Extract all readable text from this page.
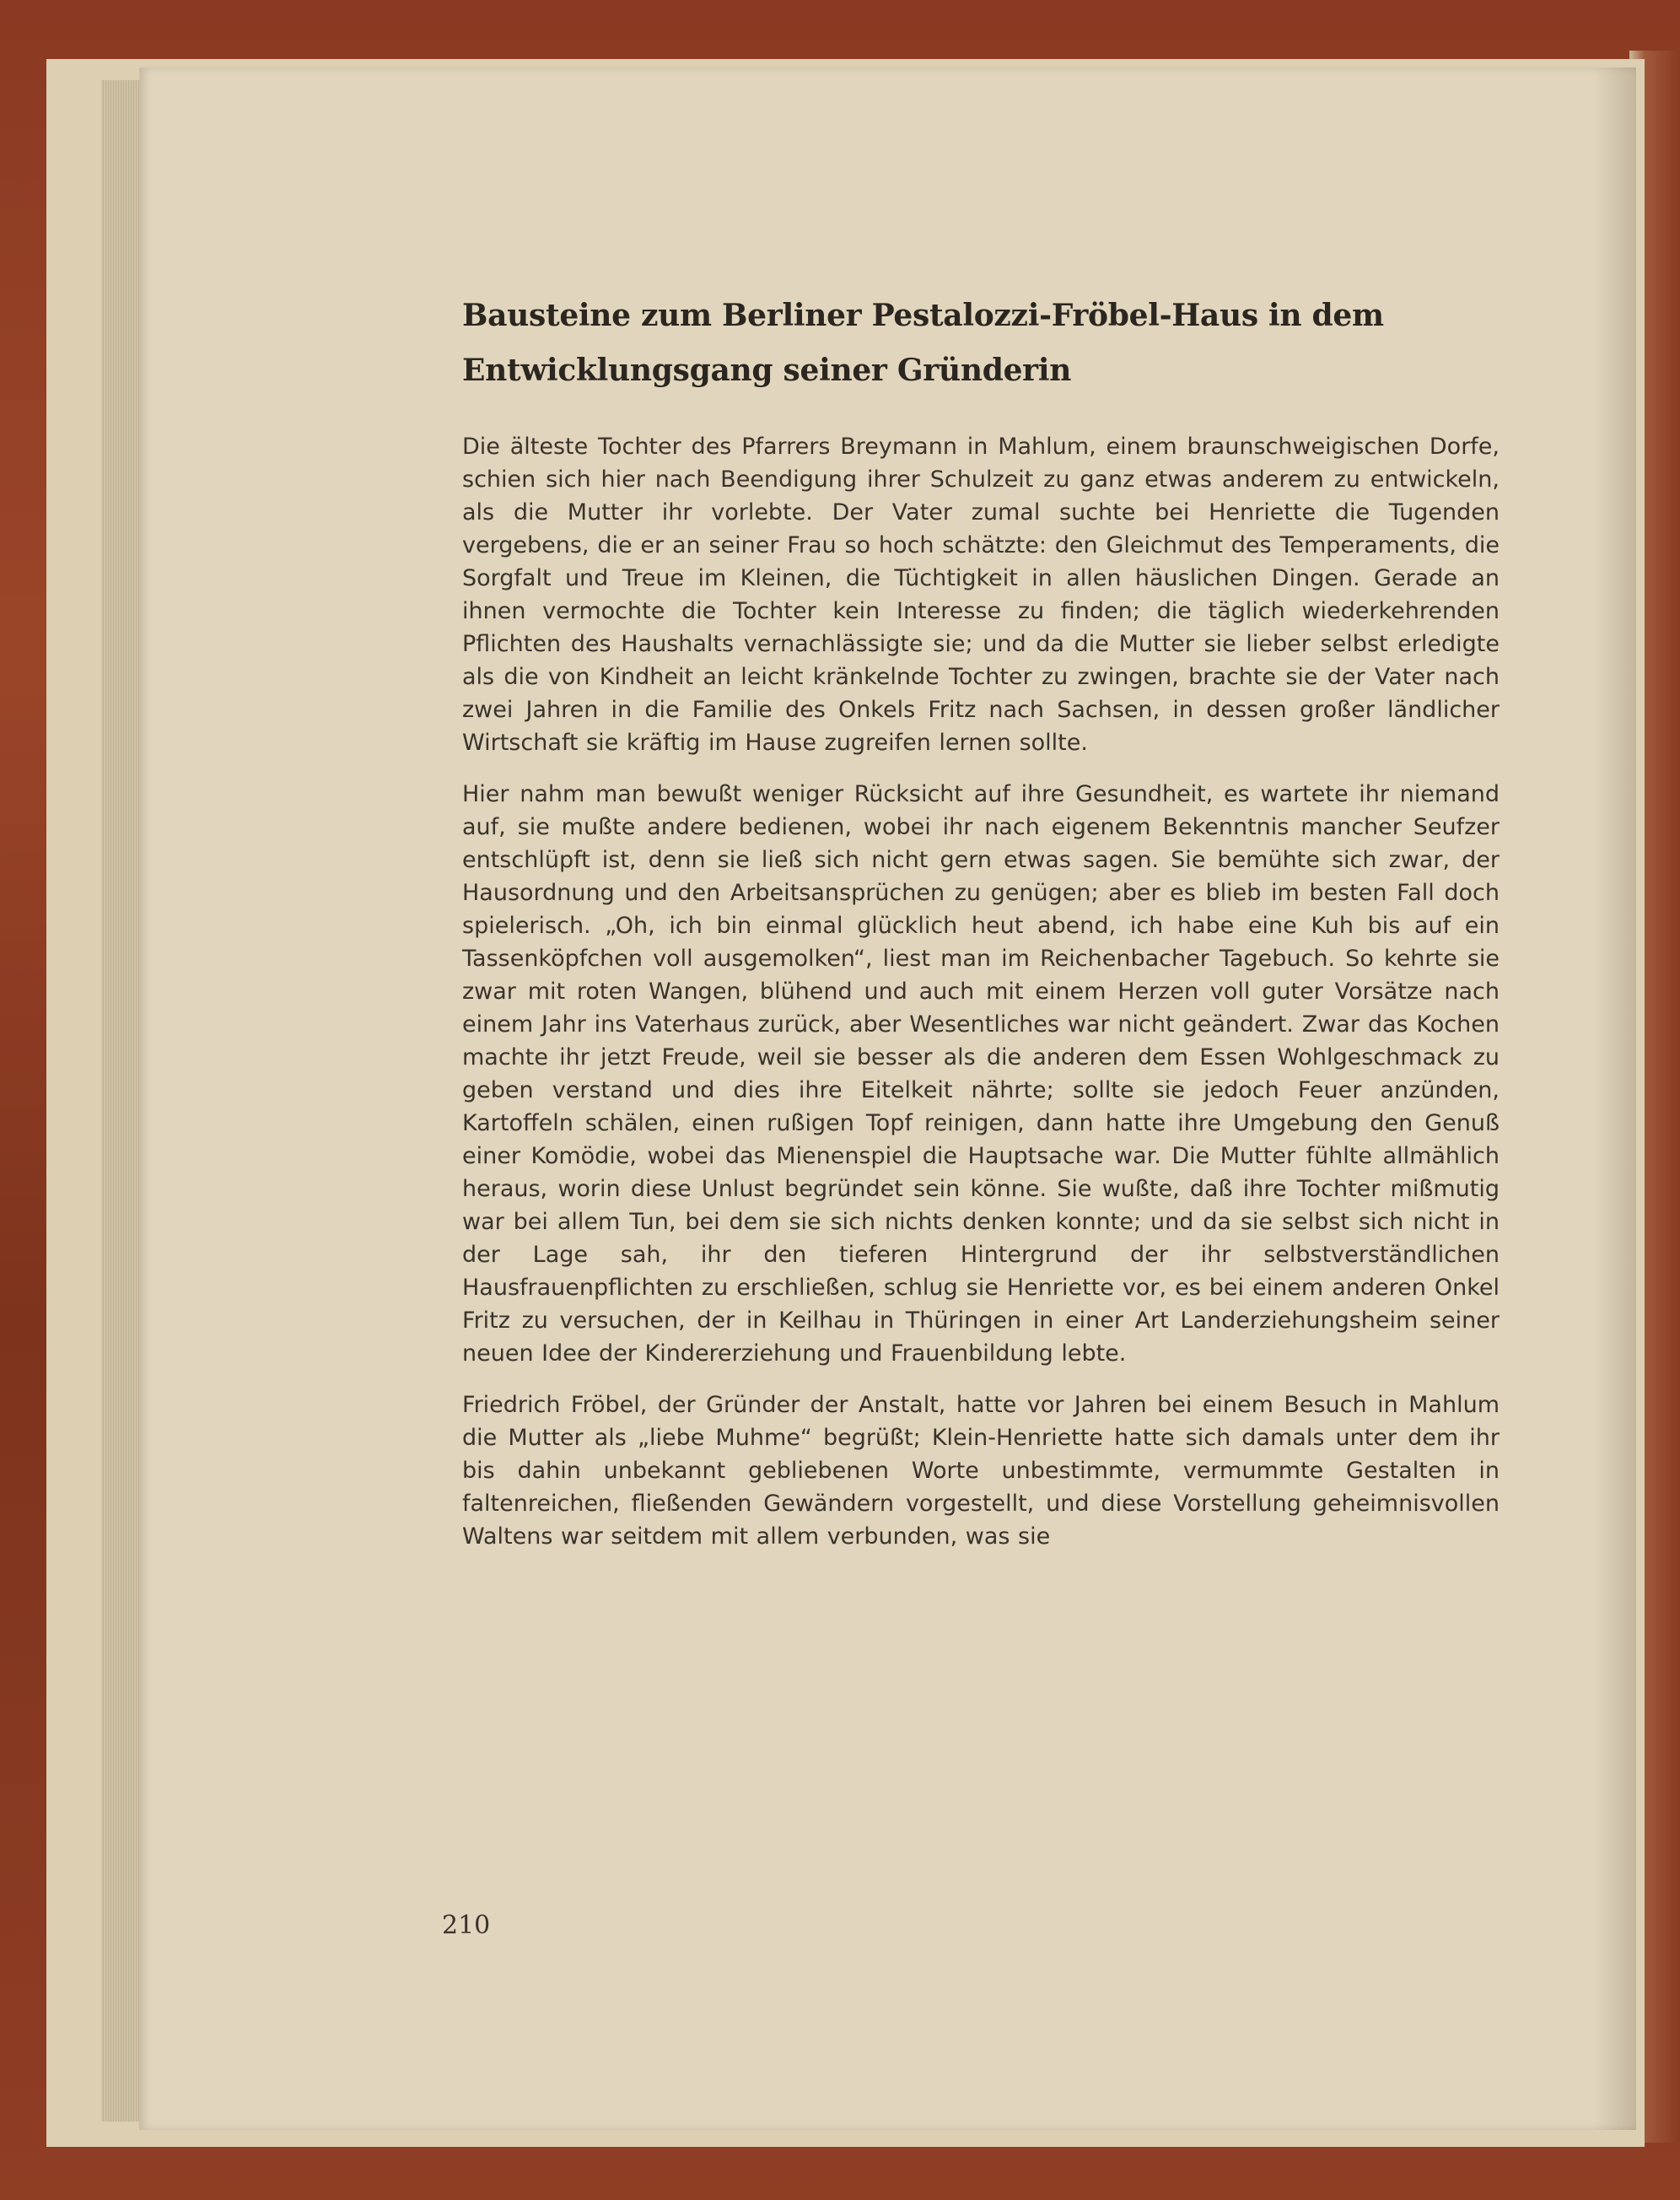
Bausteine zum Berliner Pestalozzi-Fröbel-Haus in dem
Entwicklungsgang seiner Gründerin

Die älteste Tochter des Pfarrers Breymann in Mahlum, einem braunschweigischen Dorfe, schien sich hier nach Beendigung ihrer Schulzeit zu ganz etwas anderem zu entwickeln, als die Mutter ihr vorlebte. Der Vater zumal suchte bei Henriette die Tugenden vergebens, die er an seiner Frau so hoch schätzte: den Gleichmut des Temperaments, die Sorgfalt und Treue im Kleinen, die Tüchtigkeit in allen häuslichen Dingen. Gerade an ihnen vermochte die Tochter kein Interesse zu finden; die täglich wiederkehrenden Pflichten des Haushalts vernachlässigte sie; und da die Mutter sie lieber selbst erledigte als die von Kindheit an leicht kränkelnde Tochter zu zwingen, brachte sie der Vater nach zwei Jahren in die Familie des Onkels Fritz nach Sachsen, in dessen großer ländlicher Wirtschaft sie kräftig im Hause zugreifen lernen sollte.

Hier nahm man bewußt weniger Rücksicht auf ihre Gesundheit, es wartete ihr niemand auf, sie mußte andere bedienen, wobei ihr nach eigenem Bekenntnis mancher Seufzer entschlüpft ist, denn sie ließ sich nicht gern etwas sagen. Sie bemühte sich zwar, der Hausordnung und den Arbeitsansprüchen zu genügen; aber es blieb im besten Fall doch spielerisch. „Oh, ich bin einmal glücklich heut abend, ich habe eine Kuh bis auf ein Tassenköpfchen voll ausgemolken“, liest man im Reichenbacher Tagebuch. So kehrte sie zwar mit roten Wangen, blühend und auch mit einem Herzen voll guter Vorsätze nach einem Jahr ins Vaterhaus zurück, aber Wesentliches war nicht geändert. Zwar das Kochen machte ihr jetzt Freude, weil sie besser als die anderen dem Essen Wohlgeschmack zu geben verstand und dies ihre Eitelkeit nährte; sollte sie jedoch Feuer anzünden, Kartoffeln schälen, einen rußigen Topf reinigen, dann hatte ihre Umgebung den Genuß einer Komödie, wobei das Mienenspiel die Hauptsache war. Die Mutter fühlte allmählich heraus, worin diese Unlust begründet sein könne. Sie wußte, daß ihre Tochter mißmutig war bei allem Tun, bei dem sie sich nichts denken konnte; und da sie selbst sich nicht in der Lage sah, ihr den tieferen Hintergrund der ihr selbstverständlichen Hausfrauenpflichten zu erschließen, schlug sie Henriette vor, es bei einem anderen Onkel Fritz zu versuchen, der in Keilhau in Thüringen in einer Art Landerziehungsheim seiner neuen Idee der Kindererziehung und Frauenbildung lebte.

Friedrich Fröbel, der Gründer der Anstalt, hatte vor Jahren bei einem Besuch in Mahlum die Mutter als „liebe Muhme“ begrüßt; Klein-Henriette hatte sich damals unter dem ihr bis dahin unbekannt gebliebenen Worte unbestimmte, vermummte Gestalten in faltenreichen, fließenden Gewändern vorgestellt, und diese Vorstellung geheimnisvollen Waltens war seitdem mit allem verbunden, was sie

210
